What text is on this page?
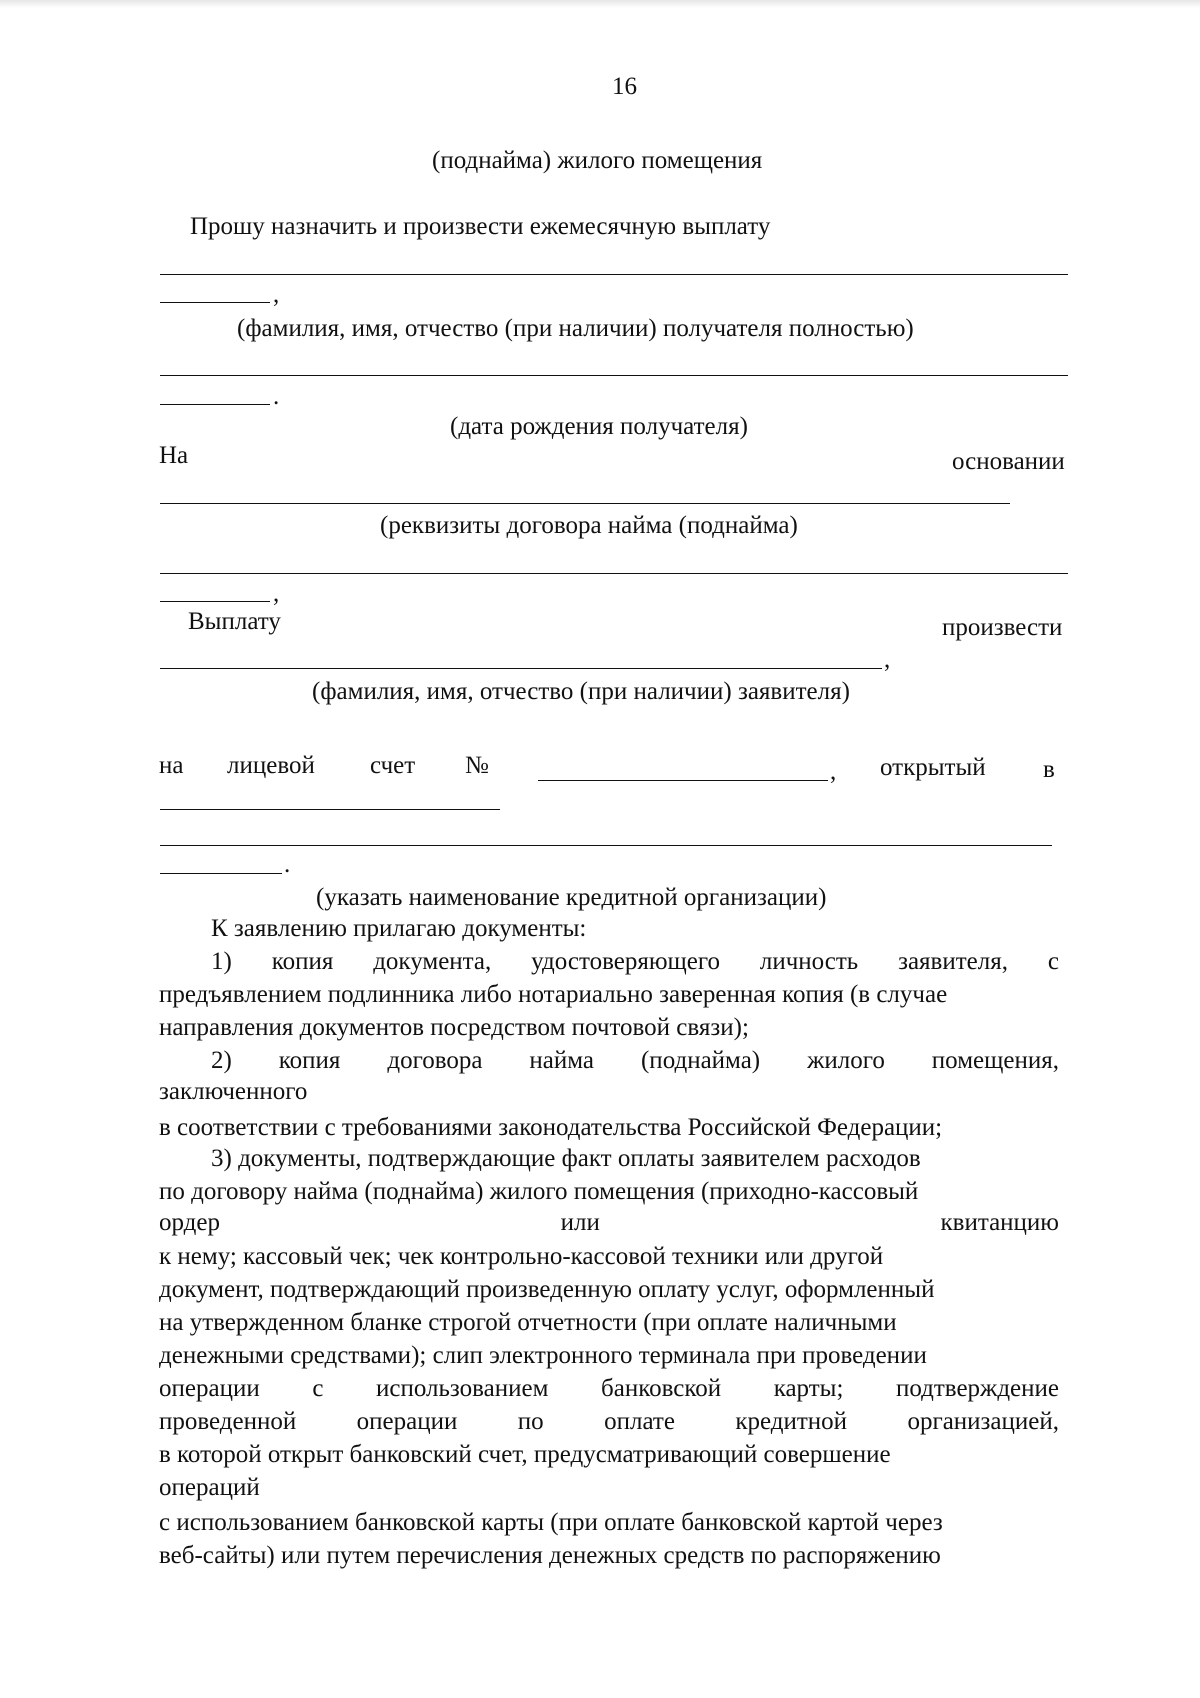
16
(поднайма) жилого помещения
Прошу назначить и произвести ежемесячную выплату
,
(фамилия, имя, отчество (при наличии) получателя полностью)
.
(дата рождения получателя)
На	основании
(реквизиты договора найма (поднайма)
,
Выплату	произвести
,
(фамилия, имя, отчество (при наличии) заявителя)
на лицевой счет №	, открытый в
.
(указать наименование кредитной организации)
К заявлению прилагаю документы:
1) копия документа, удостоверяющего личность заявителя, с
предъявлением подлинника либо нотариально заверенная копия (в случае
направления документов посредством почтовой связи);
2) копия договора найма (поднайма) жилого помещения,
заключенного
в соответствии с требованиями законодательства Российской Федерации;
3) документы, подтверждающие факт оплаты заявителем расходов
по договору найма (поднайма) жилого помещения (приходно-кассовый
ордер	или	квитанцию
к нему; кассовый чек; чек контрольно-кассовой техники или другой
документ, подтверждающий произведенную оплату услуг, оформленный
на утвержденном бланке строгой отчетности (при оплате наличными
денежными средствами); слип электронного терминала при проведении
операции с использованием банковской карты; подтверждение
проведенной операции по оплате кредитной организацией,
в которой открыт банковский счет, предусматривающий совершение
операций
с использованием банковской карты (при оплате банковской картой через
веб-сайты) или путем перечисления денежных средств по распоряжению
